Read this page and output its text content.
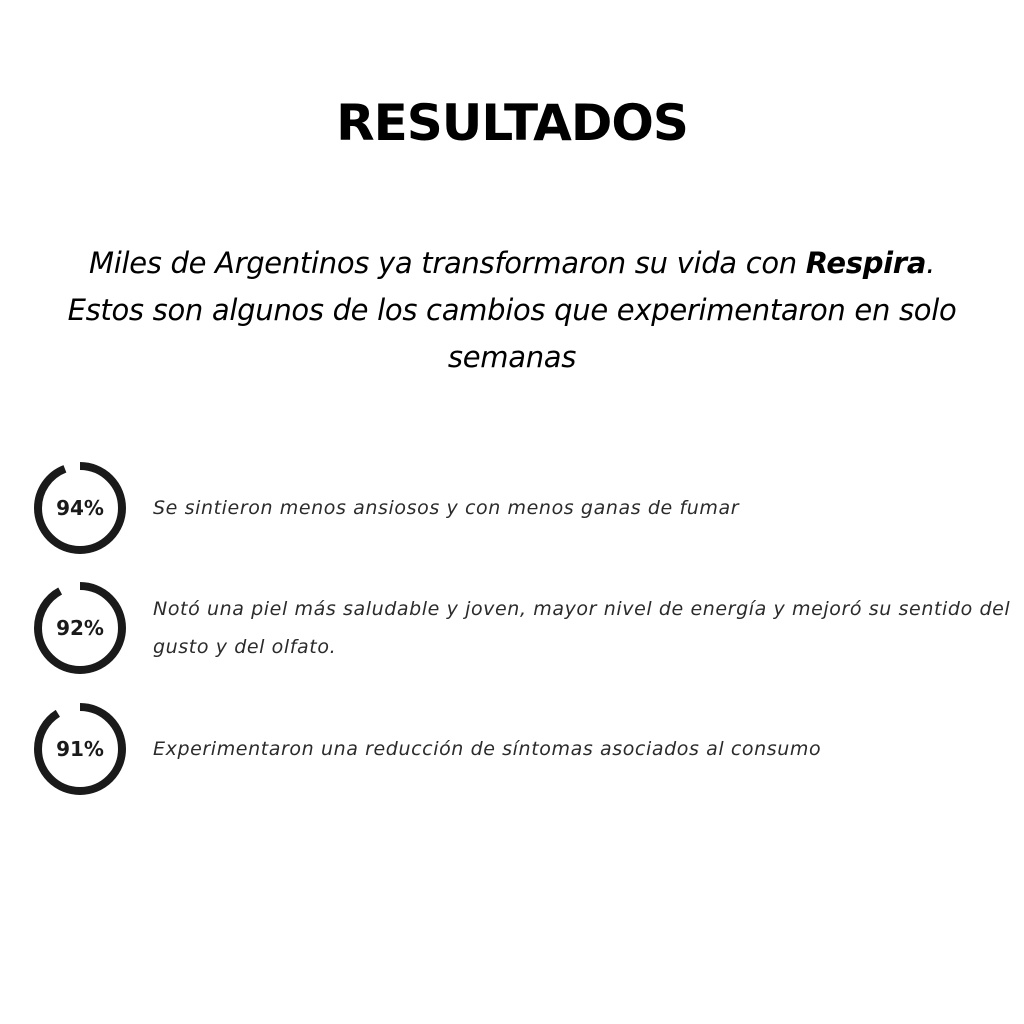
RESULTADOS

Miles de Argentinos ya transformaron su vida con Respira.
Estos son algunos de los cambios que experimentaron en solo
semanas

94%	Se sintieron menos ansiosos y con menos ganas de fumar

92%

Notó una piel más saludable y joven, mayor nivel de energía y mejoró su sentido del gusto y del olfato.

91%	Experimentaron una reducción de síntomas asociados al consumo
